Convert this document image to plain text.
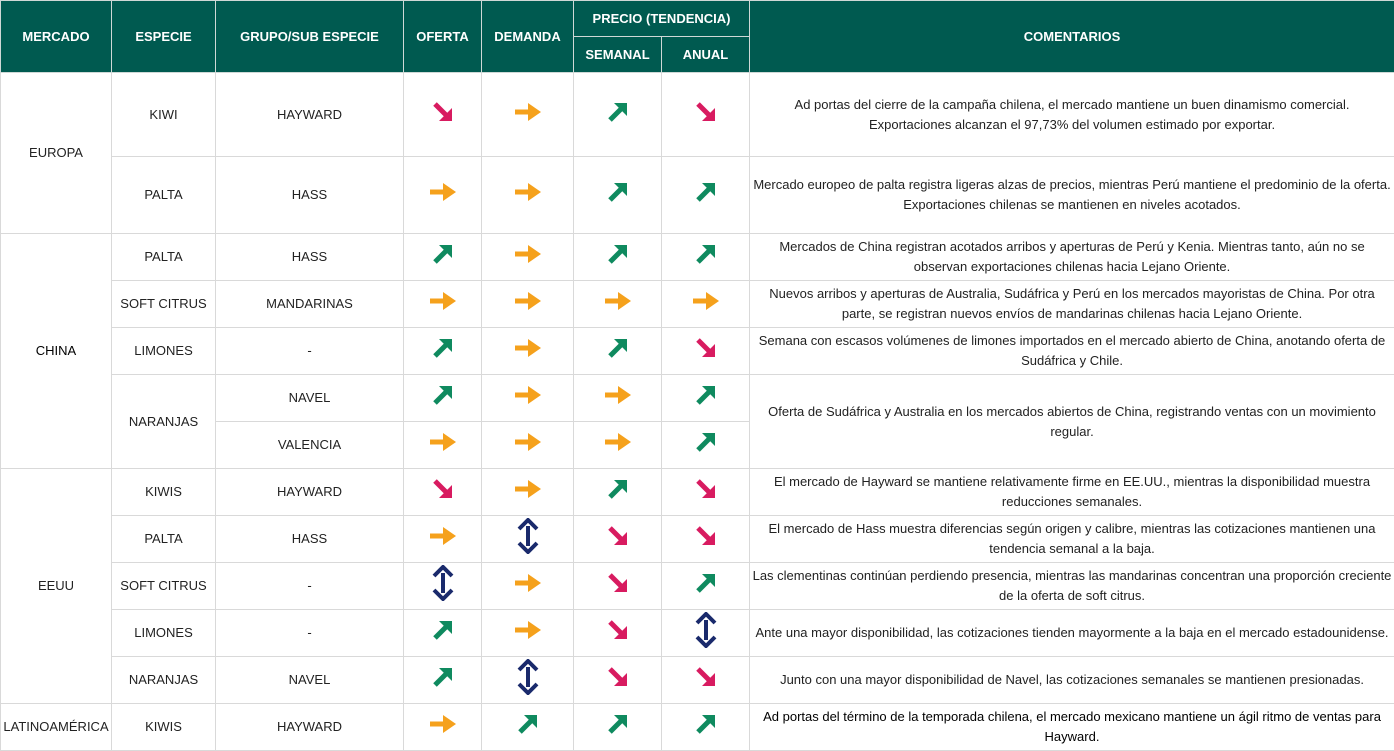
MERCADO	ESPECIE	GRUPO/SUB ESPECIE	OFERTA	DEMANDA	PRECIO (TENDENCIA)		COMENTARIOS
					SEMANAL	ANUAL	
EUROPA	KIWI	HAYWARD					Ad portas del cierre de la campaña chilena, el mercado mantiene un buen dinamismo comercial. Exportaciones alcanzan el 97,73% del volumen estimado por exportar.
	PALTA	HASS					Mercado europeo de palta registra ligeras alzas de precios, mientras Perú mantiene el predominio de la oferta. Exportaciones chilenas se mantienen en niveles acotados.
CHINA	PALTA	HASS					Mercados de China registran acotados arribos y aperturas de Perú y Kenia. Mientras tanto, aún no se observan exportaciones chilenas hacia Lejano Oriente.
	SOFT CITRUS	MANDARINAS					Nuevos arribos y aperturas de Australia, Sudáfrica y Perú en los mercados mayoristas de China. Por otra parte, se registran nuevos envíos de mandarinas chilenas hacia Lejano Oriente.
	LIMONES	-					Semana con escasos volúmenes de limones importados en el mercado abierto de China, anotando oferta de Sudáfrica y Chile.
	NARANJAS	NAVEL					Oferta de Sudáfrica y Australia en los mercados abiertos de China, registrando ventas con un movimiento regular.
		VALENCIA				
EEUU	KIWIS	HAYWARD					El mercado de Hayward se mantiene relativamente firme en EE.UU., mientras la disponibilidad muestra reducciones semanales.
	PALTA	HASS					El mercado de Hass muestra diferencias según origen y calibre, mientras las cotizaciones mantienen una tendencia semanal a la baja.
	SOFT CITRUS	-					Las clementinas continúan perdiendo presencia, mientras las mandarinas concentran una proporción creciente de la oferta de soft citrus.
	LIMONES	-					Ante una mayor disponibilidad, las cotizaciones tienden mayormente a la baja en el mercado estadounidense.
	NARANJAS	NAVEL					Junto con una mayor disponibilidad de Navel, las cotizaciones semanales se mantienen presionadas.
LATINOAMÉRICA	KIWIS	HAYWARD					Ad portas del término de la temporada chilena, el mercado mexicano mantiene un ágil ritmo de ventas para Hayward.
